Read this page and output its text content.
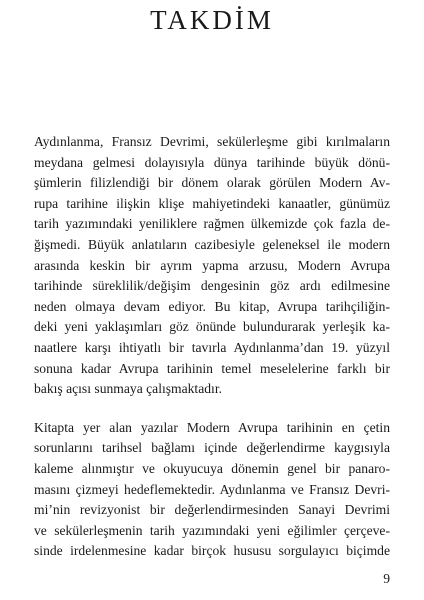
TAKDİM

Aydınlanma, Fransız Devrimi, sekülerleşme gibi kırılmaların
meydana gelmesi dolayısıyla dünya tarihinde büyük dönü-
şümlerin filizlendiği bir dönem olarak görülen Modern Av-
rupa tarihine ilişkin klişe mahiyetindeki kanaatler, günümüz
tarih yazımındaki yeniliklere rağmen ülkemizde çok fazla de-
ğişmedi. Büyük anlatıların cazibesiyle geleneksel ile modern
arasında keskin bir ayrım yapma arzusu, Modern Avrupa
tarihinde süreklilik/değişim dengesinin göz ardı edilmesine
neden olmaya devam ediyor. Bu kitap, Avrupa tarihçiliğin-
deki yeni yaklaşımları göz önünde bulundurarak yerleşik ka-
naatlere karşı ihtiyatlı bir tavırla Aydınlanma’dan 19. yüzyıl
sonuna kadar Avrupa tarihinin temel meselelerine farklı bir
bakış açısı sunmaya çalışmaktadır.

Kitapta yer alan yazılar Modern Avrupa tarihinin en çetin
sorunlarını tarihsel bağlamı içinde değerlendirme kaygısıyla
kaleme alınmıştır ve okuyucuya dönemin genel bir panaro-
masını çizmeyi hedeflemektedir. Aydınlanma ve Fransız Devri-
mi’nin revizyonist bir değerlendirmesinden Sanayi Devrimi
ve sekülerleşmenin tarih yazımındaki yeni eğilimler çerçeve-
sinde irdelenmesine kadar birçok hususu sorgulayıcı biçimde

9
